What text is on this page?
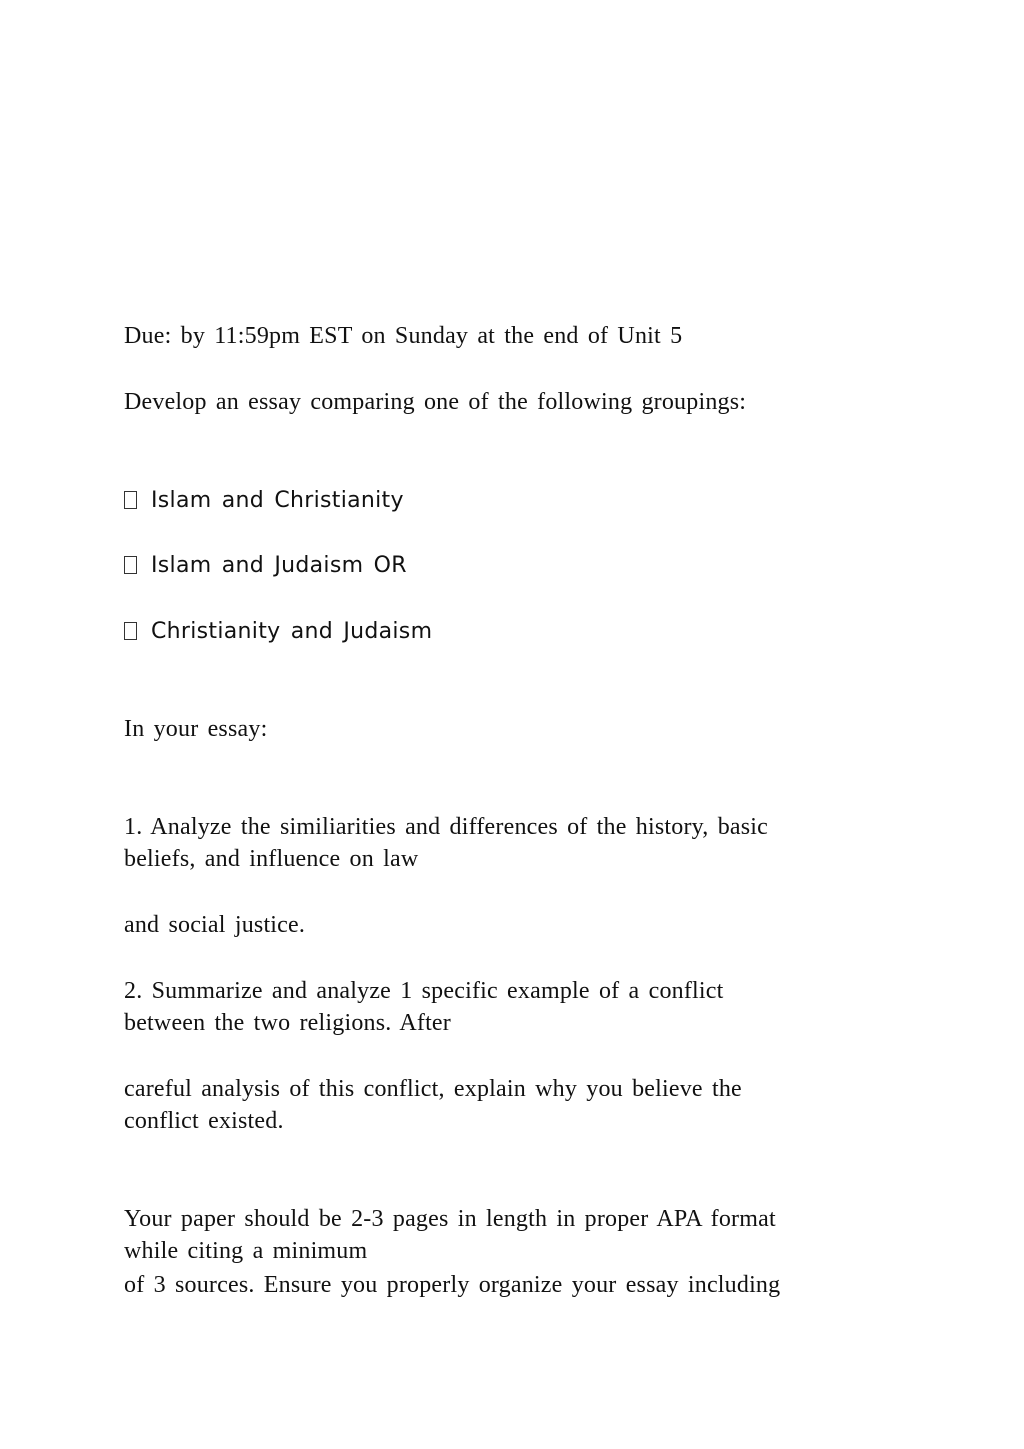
Due: by 11:59pm EST on Sunday at the end of Unit 5
Develop an essay comparing one of the following groupings:
Islam and Christianity
Islam and Judaism OR
Christianity and Judaism
In your essay:
1. Analyze the similiarities and differences of the history, basic
beliefs, and influence on law
and social justice.
2. Summarize and analyze 1 specific example of a conflict
between the two religions. After
careful analysis of this conflict, explain why you believe the
conflict existed.
Your paper should be 2-3 pages in length in proper APA format
while citing a minimum
of 3 sources. Ensure you properly organize your essay including
